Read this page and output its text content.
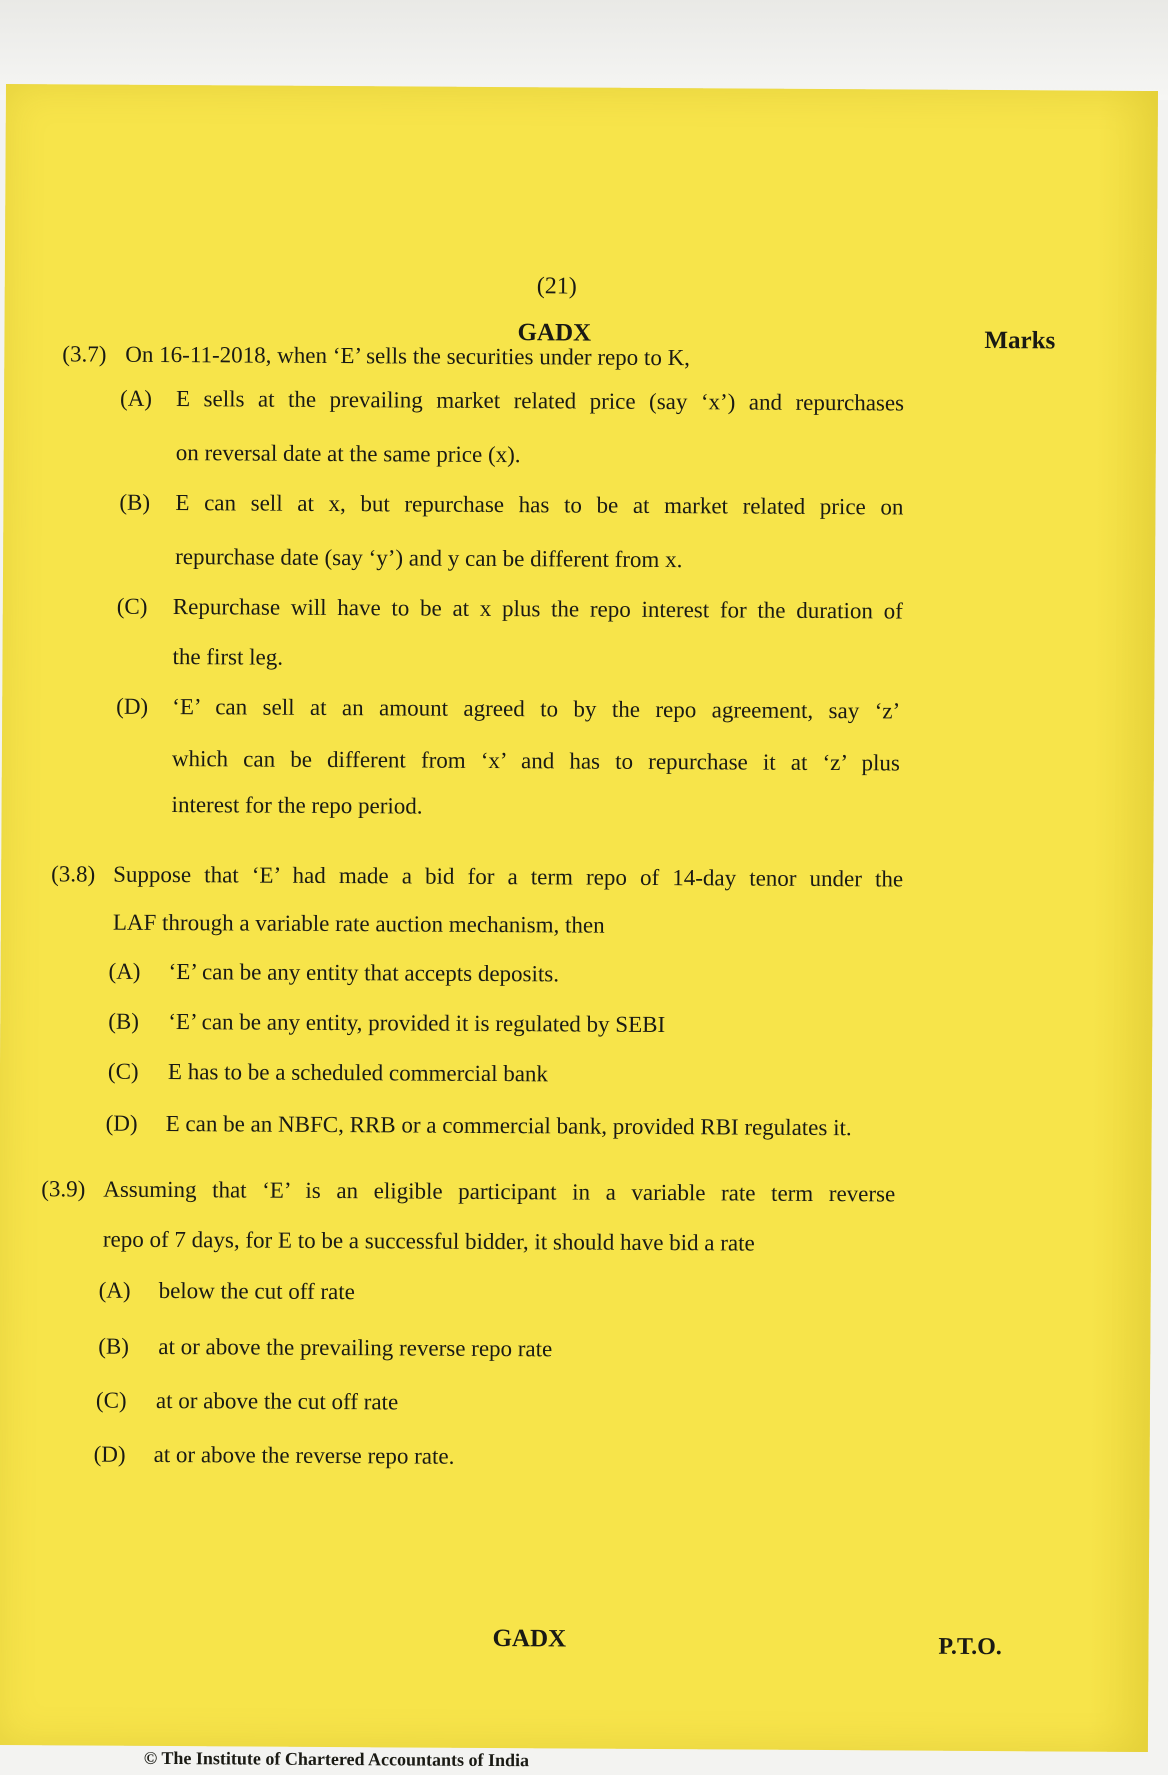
(21)
GADX	Marks
(3.7) On 16-11-2018, when ‘E’ sells the securities under repo to K,
(A) E sells at the prevailing market related price (say ‘x’) and repurchases
on reversal date at the same price (x).
(B) E can sell at x, but repurchase has to be at market related price on
repurchase date (say ‘y’) and y can be different from x.
(C) Repurchase will have to be at x plus the repo interest for the duration of
the first leg.
(D) ‘E’ can sell at an amount agreed to by the repo agreement, say ‘z’
which can be different from ‘x’ and has to repurchase it at ‘z’ plus
interest for the repo period.
(3.8) Suppose that ‘E’ had made a bid for a term repo of 14-day tenor under the
LAF through a variable rate auction mechanism, then
(A) ‘E’ can be any entity that accepts deposits.
(B) ‘E’ can be any entity, provided it is regulated by SEBI
(C) E has to be a scheduled commercial bank
(D) E can be an NBFC, RRB or a commercial bank, provided RBI regulates it.
(3.9) Assuming that ‘E’ is an eligible participant in a variable rate term reverse
repo of 7 days, for E to be a successful bidder, it should have bid a rate
(A) below the cut off rate
(B) at or above the prevailing reverse repo rate
(C) at or above the cut off rate
(D) at or above the reverse repo rate.
GADX	P.T.O.
© The Institute of Chartered Accountants of India
